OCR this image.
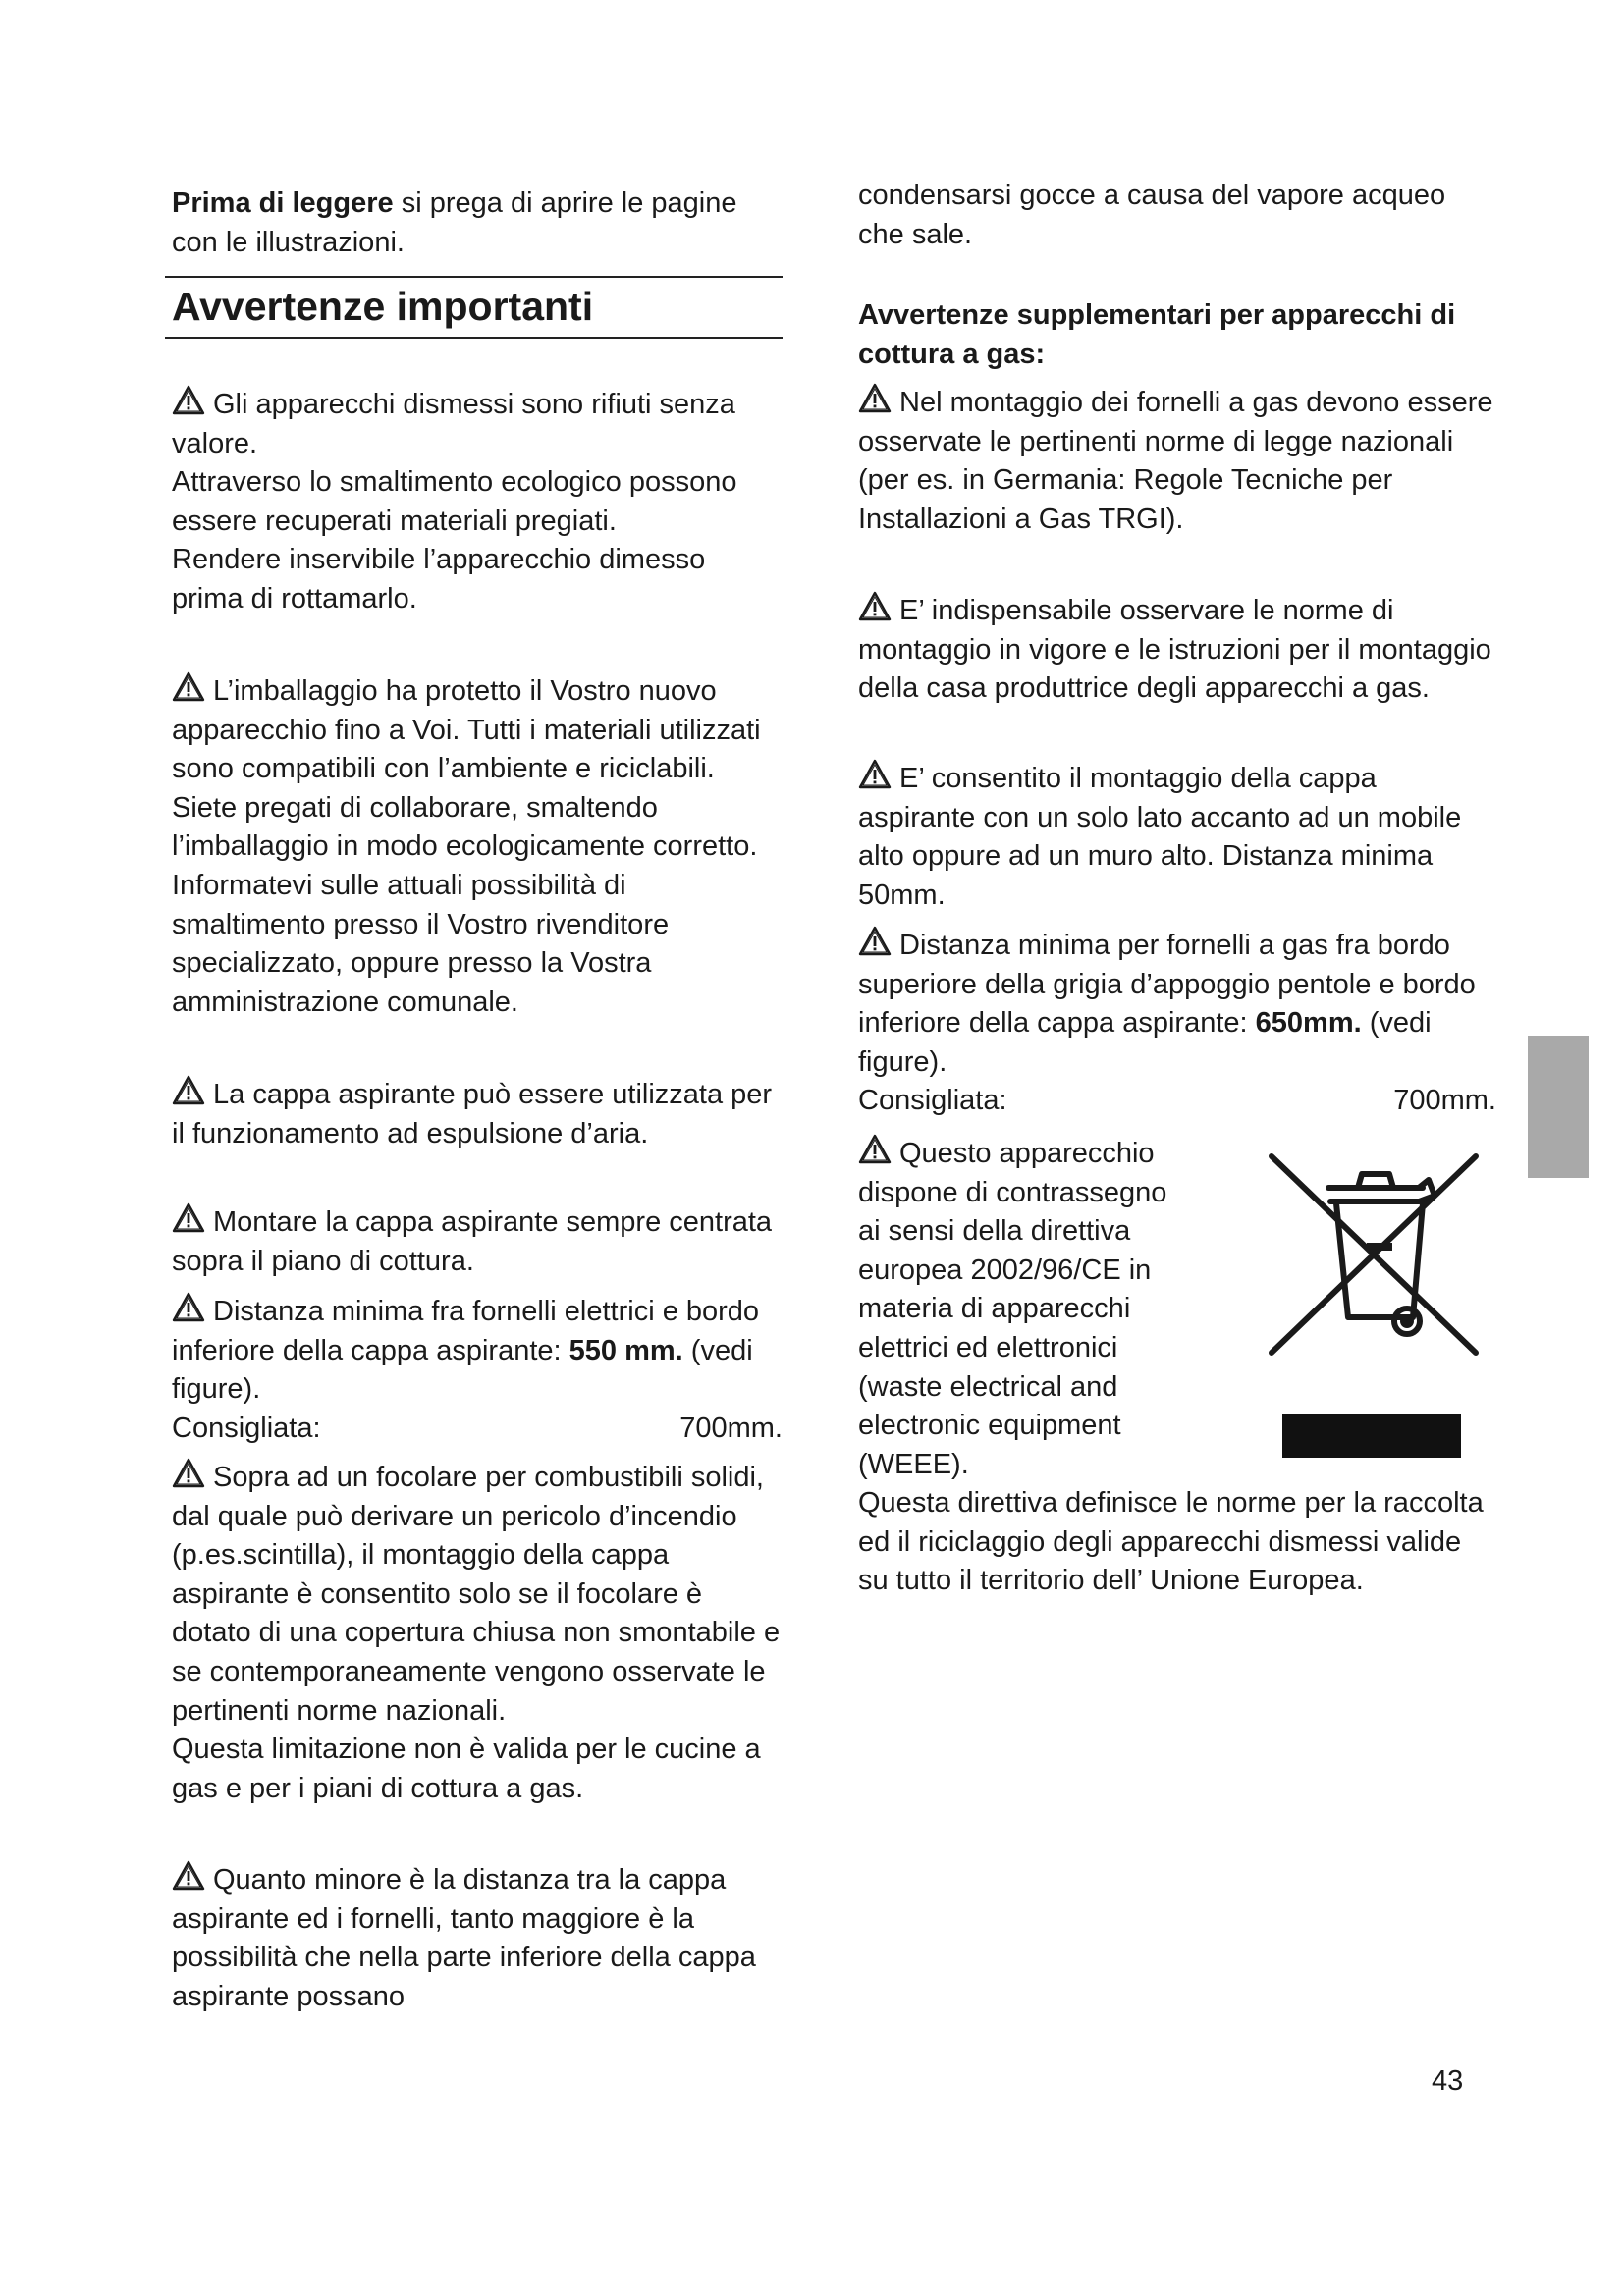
Prima di leggere si prega di aprire le pagine con le illustrazioni.

Gli apparecchi dismessi sono rifiuti senza valore.
Attraverso lo smaltimento ecologico possono essere recuperati materiali pregiati.
Rendere inservibile l’apparecchio dimesso prima di rottamarlo.

L’imballaggio ha protetto il Vostro nuovo apparecchio fino a Voi. Tutti i materiali utilizzati sono compatibili con l’ambiente e riciclabili. Siete pregati di collaborare, smaltendo l’imballaggio in modo ecologicamente corretto.
Informatevi sulle attuali possibilità di smaltimento presso il Vostro rivenditore specializzato, oppure presso la Vostra amministrazione comunale.

La cappa aspirante può essere utilizzata per il funzionamento ad espulsione d’aria.

Montare la cappa aspirante sempre centrata sopra il piano di cottura.

Distanza minima fra fornelli elettrici e bordo inferiore della cappa aspirante: 550 mm. (vedi figure).
Consigliata:	700mm.

Sopra ad un focolare per combustibili solidi, dal quale può derivare un pericolo d’incendio (p.es.scintilla), il montaggio della cappa aspirante è consentito solo se il focolare è dotato di una copertura chiusa non smontabile e se contemporaneamente vengono osservate le pertinenti norme nazionali.
Questa limitazione non è valida per le cucine a gas e per i piani di cottura a gas.

Quanto minore è la distanza tra la cappa aspirante ed i fornelli, tanto maggiore è la possibilità che nella parte inferiore della cappa aspirante possano

Avvertenze importanti

condensarsi gocce a causa del vapore acqueo che sale.

Avvertenze supplementari per apparecchi di cottura a gas:

Nel montaggio dei fornelli a gas devono essere osservate le pertinenti norme di legge nazionali (per es. in Germania: Regole Tecniche per Installazioni a Gas TRGI).

E’ indispensabile osservare le norme di montaggio in vigore e le istruzioni per il montaggio della casa produttrice degli apparecchi a gas.

E’ consentito il montaggio della cappa aspirante con un solo lato accanto ad un mobile alto oppure ad un muro alto. Distanza minima 50mm.

Distanza minima per fornelli a gas fra bordo superiore della grigia d’appoggio pentole e bordo inferiore della cappa aspirante: 650mm. (vedi figure).
Consigliata:	700mm.

Questo apparecchio
dispone di contrassegno
ai sensi della direttiva
europea 2002/96/CE in
materia di apparecchi
elettrici ed elettronici
(waste electrical and
electronic equipment
(WEEE).

Questa direttiva definisce le norme per la raccolta ed il riciclaggio degli apparecchi dismessi valide su tutto il territorio dell’ Unione Europea.

43
